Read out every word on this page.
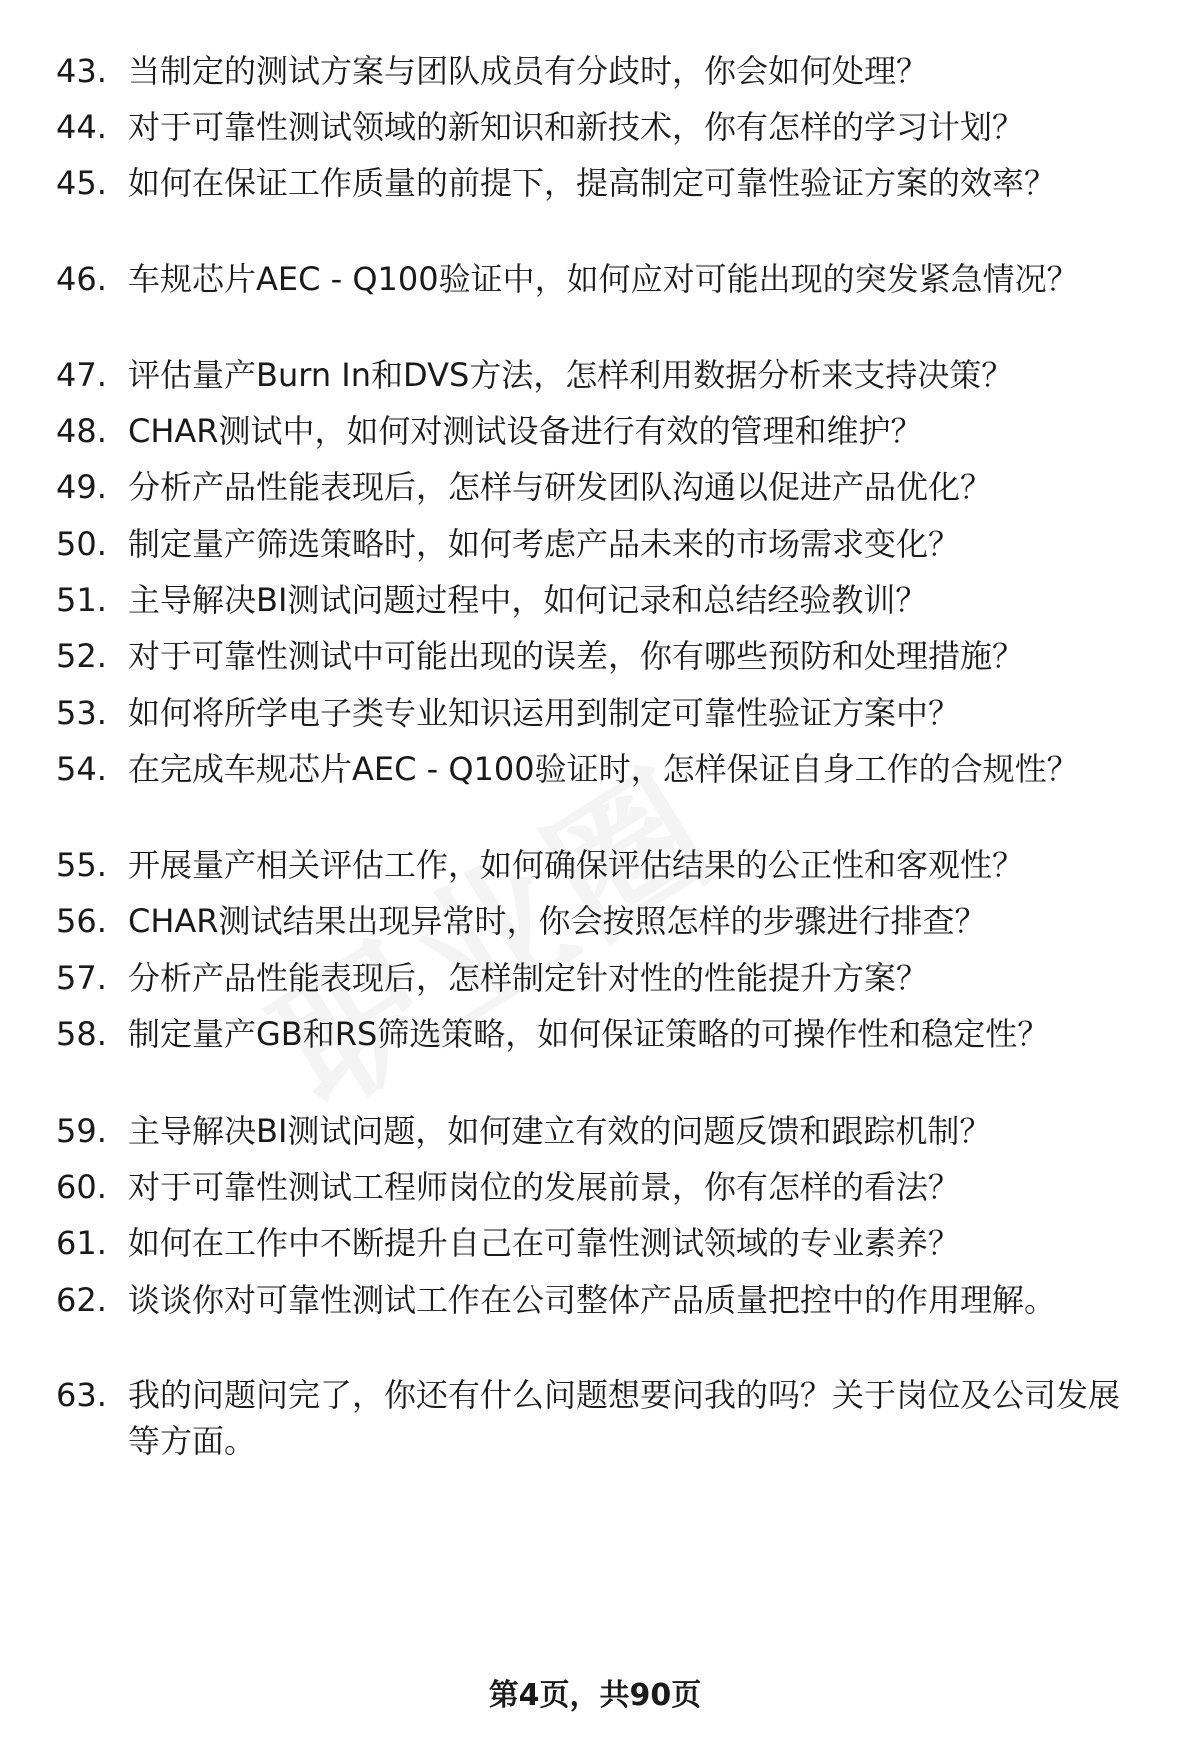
43. 当制定的测试方案与团队成员有分歧时，你会如何处理？
44. 对于可靠性测试领域的新知识和新技术，你有怎样的学习计划？
45. 如何在保证工作质量的前提下，提高制定可靠性验证方案的效率？
46. 车规芯片AEC - Q100验证中，如何应对可能出现的突发紧急情况？
47. 评估量产Burn In和DVS方法，怎样利用数据分析来支持决策？
48. CHAR测试中，如何对测试设备进行有效的管理和维护？
49. 分析产品性能表现后，怎样与研发团队沟通以促进产品优化？
50. 制定量产筛选策略时，如何考虑产品未来的市场需求变化？
51. 主导解决BI测试问题过程中，如何记录和总结经验教训？
52. 对于可靠性测试中可能出现的误差，你有哪些预防和处理措施？
53. 如何将所学电子类专业知识运用到制定可靠性验证方案中？
54. 在完成车规芯片AEC - Q100验证时，怎样保证自身工作的合规性？
55. 开展量产相关评估工作，如何确保评估结果的公正性和客观性？
56. CHAR测试结果出现异常时，你会按照怎样的步骤进行排查？
57. 分析产品性能表现后，怎样制定针对性的性能提升方案？
58. 制定量产GB和RS筛选策略，如何保证策略的可操作性和稳定性？
59. 主导解决BI测试问题，如何建立有效的问题反馈和跟踪机制？
60. 对于可靠性测试工程师岗位的发展前景，你有怎样的看法？
61. 如何在工作中不断提升自己在可靠性测试领域的专业素养？
62. 谈谈你对可靠性测试工作在公司整体产品质量把控中的作用理解。
63. 我的问题问完了，你还有什么问题想要问我的吗？关于岗位及公司发展等方面。
第4页，共90页
